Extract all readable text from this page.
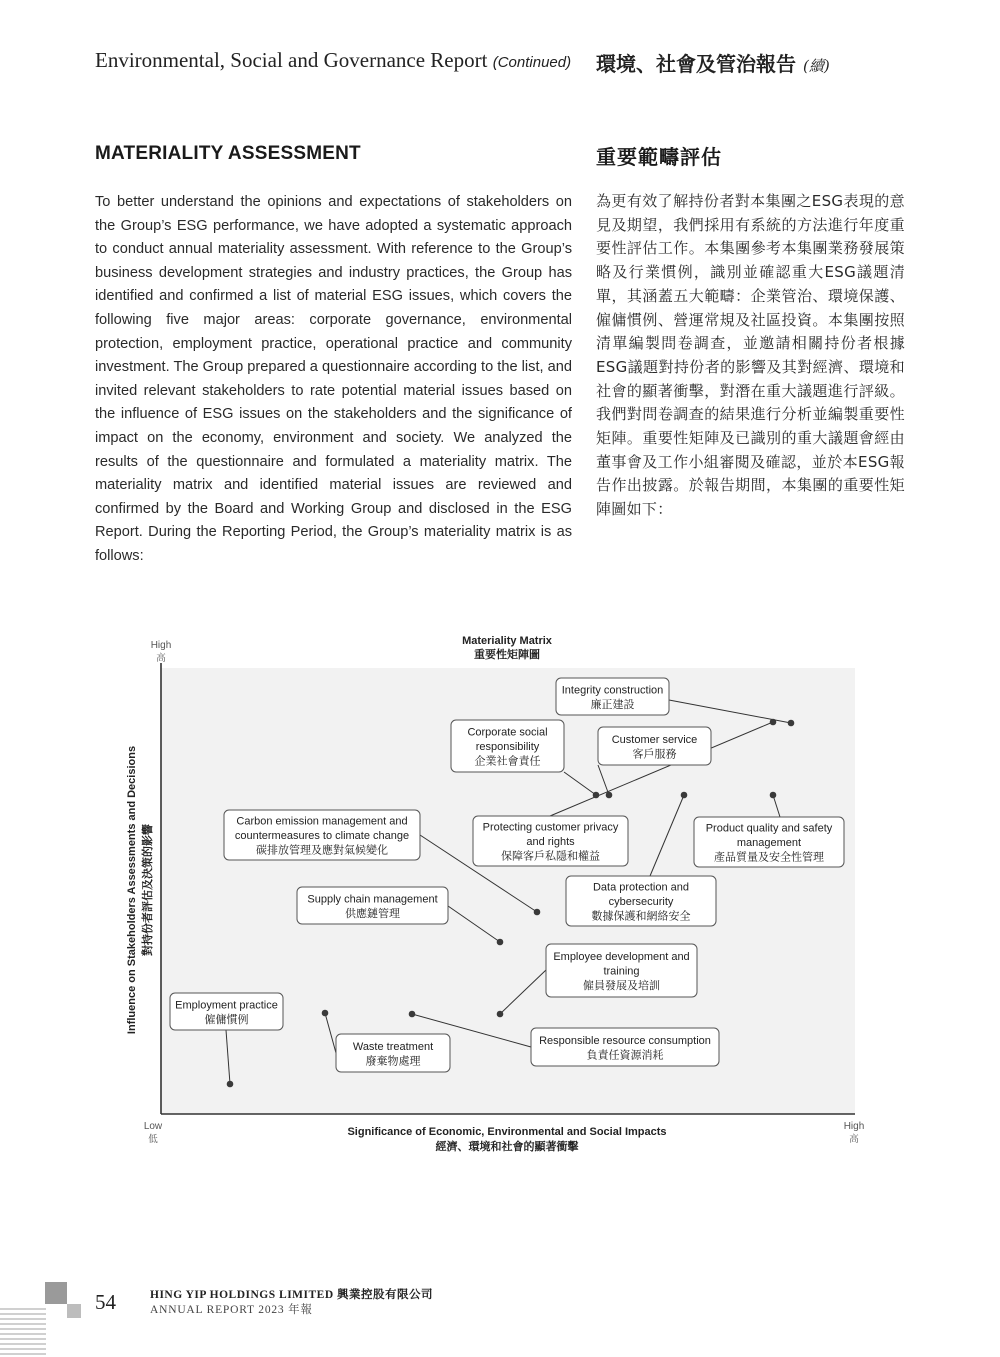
Environmental, Social and Governance Report (Continued) 環境、社會及管治報告 (續)
MATERIALITY ASSESSMENT	重要範疇評估

To better understand the opinions and expectations of stakeholders on the Group’s ESG performance, we have adopted a systematic approach to conduct annual materiality assessment. With reference to the Group’s business development strategies and industry practices, the Group has identified and confirmed a list of material ESG issues, which covers the following five major areas: corporate governance, environmental protection, employment practice, operational practice and community investment. The Group prepared a questionnaire according to the list, and invited relevant stakeholders to rate potential material issues based on the influence of ESG issues on the stakeholders and the significance of impact on the economy, environment and society. We analyzed the results of the questionnaire and formulated a materiality matrix. The materiality matrix and identified material issues are reviewed and confirmed by the Board and Working Group and disclosed in the ESG Report. During the Reporting Period, the Group’s materiality matrix is as follows:

為更有效了解持份者對本集團之ESG表現的意見及期望，我們採用有系統的方法進行年度重要性評估工作。本集團參考本集團業務發展策略及行業慣例，識別並確認重大ESG議題清單，其涵蓋五大範疇：企業管治、環境保護、僱傭慣例、營運常規及社區投資。本集團按照清單編製問卷調查，並邀請相關持份者根據ESG議題對持份者的影響及其對經濟、環境和社會的顯著衝擊，對潛在重大議題進行評級。我們對問卷調查的結果進行分析並編製重要性矩陣。重要性矩陣及已識別的重大議題會經由董事會及工作小組審閱及確認，並於本ESG報告作出披露。於報告期間，本集團的重要性矩陣圖如下：

Materiality Matrix
重要性矩陣圖
High
高
Low
低
High
高
Significance of Economic, Environmental and Social Impacts
經濟、環境和社會的顯著衝擊
Influence on Stakeholders Assessments and Decisions 對持份者評估及決策的影響
Integrity construction
廉正建設
Corporate social responsibility
企業社會責任
Customer service
客戶服務
Protecting customer privacy and rights
保障客戶私隱和權益
Product quality and safety management
產品質量及安全性管理
Data protection and cybersecurity
數據保護和網絡安全
Carbon emission management and countermeasures to climate change
碳排放管理及應對氣候變化
Supply chain management
供應鏈管理
Employee development and training
僱員發展及培訓
Responsible resource consumption
負責任資源消耗
Waste treatment
廢棄物處理
Employment practice
僱傭慣例
54	HING YIP HOLDINGS LIMITED 興業控股有限公司
ANNUAL REPORT 2023 年報
